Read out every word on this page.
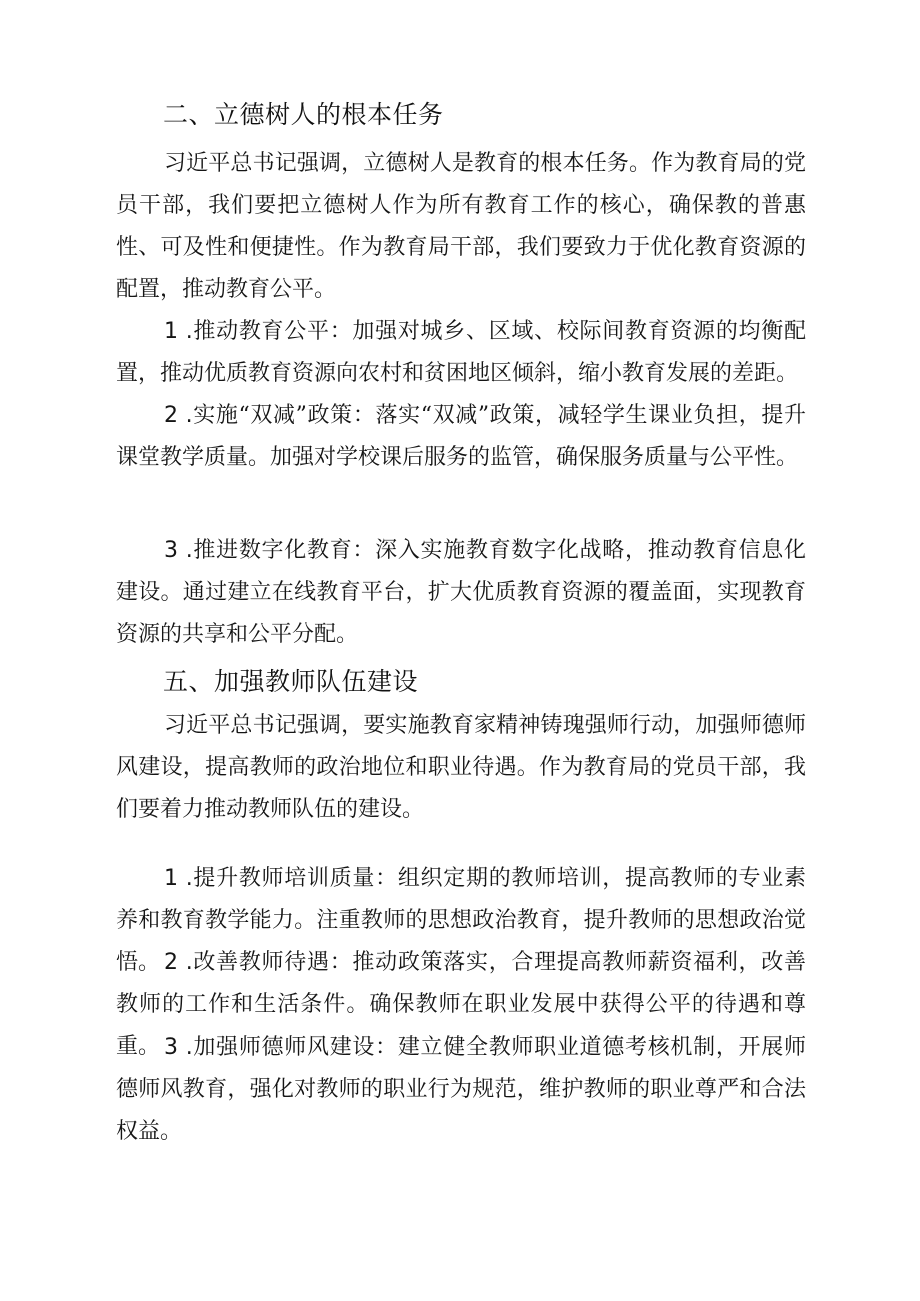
二、立德树人的根本任务
习近平总书记强调，立德树人是教育的根本任务。作为教育局的党员干部，我们要把立德树人作为所有教育工作的核心，确保教的普惠性、可及性和便捷性。作为教育局干部，我们要致力于优化教育资源的配置，推动教育公平。
1 .推动教育公平：加强对城乡、区域、校际间教育资源的均衡配置，推动优质教育资源向农村和贫困地区倾斜，缩小教育发展的差距。
2 .实施“双减”政策：落实“双减”政策，减轻学生课业负担，提升课堂教学质量。加强对学校课后服务的监管，确保服务质量与公平性。
3 .推进数字化教育：深入实施教育数字化战略，推动教育信息化建设。通过建立在线教育平台，扩大优质教育资源的覆盖面，实现教育资源的共享和公平分配。
五、加强教师队伍建设
习近平总书记强调，要实施教育家精神铸瑰强师行动，加强师德师风建设，提高教师的政治地位和职业待遇。作为教育局的党员干部，我们要着力推动教师队伍的建设。
1 .提升教师培训质量：组织定期的教师培训，提高教师的专业素养和教育教学能力。注重教师的思想政治教育，提升教师的思想政治觉悟。 2 .改善教师待遇：推动政策落实，合理提高教师薪资福利，改善教师的工作和生活条件。确保教师在职业发展中获得公平的待遇和尊重。 3 .加强师德师风建设：建立健全教师职业道德考核机制，开展师德师风教育，强化对教师的职业行为规范，维护教师的职业尊严和合法权益。
